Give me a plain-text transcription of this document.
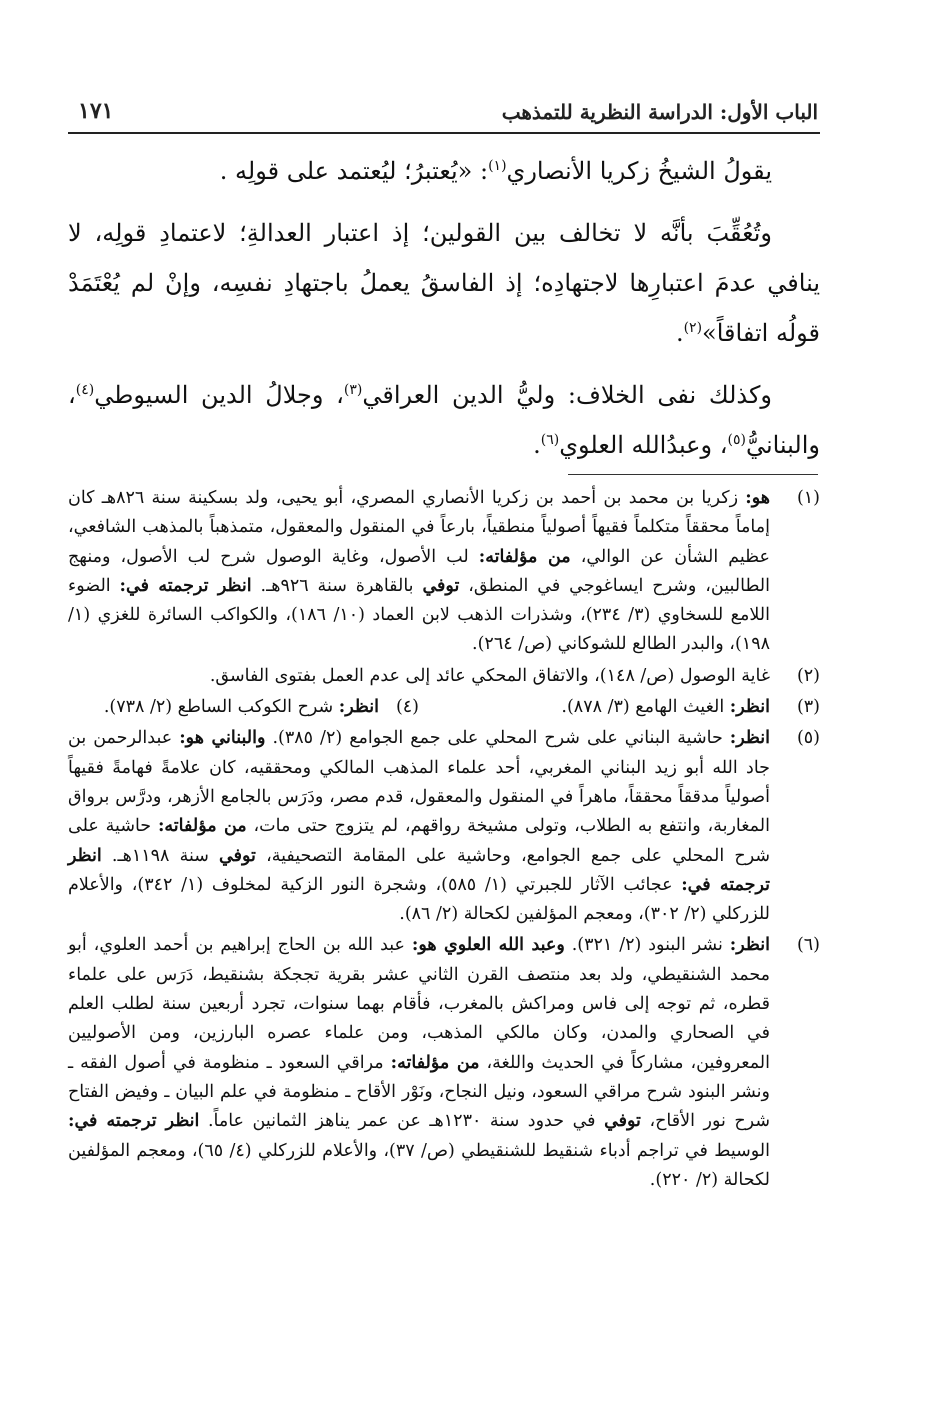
الباب الأول: الدراسة النظرية للتمذهب
١٧١

يقولُ الشيخُ زكريا الأنصاري$^{(١)}$: «يُعتبرُ؛ ليُعتمد على قولِه .

وتُعُقِّبَ بأنَّه لا تخالف بين القولين؛ إذ اعتبار العدالةِ؛ لاعتمادِ قولِه، لا ينافي عدمَ اعتبارِها لاجتهادِه؛ إذ الفاسقُ يعملُ باجتهادِ نفسِه، وإنْ لم يُعْتَمَدْ قولُه اتفاقاً»$^{(٢)}$.

وكذلك نفى الخلاف: وليُّ الدين العراقي$^{(٣)}$، وجلالُ الدين السيوطي$^{(٤)}$، والبنانيُّ$^{(٥)}$، وعبدُالله العلوي$^{(٦)}$.

(١)
هو: زكريا بن محمد بن أحمد بن زكريا الأنصاري المصري، أبو يحيى، ولد بسكينة سنة ٨٢٦هـ كان إماماً محققاً متكلماً فقيهاً أصولياً منطقياً، بارعاً في المنقول والمعقول، متمذهباً بالمذهب الشافعي، عظيم الشأن عن الوالي، من مؤلفاته: لب الأصول، وغاية الوصول شرح لب الأصول، ومنهج الطالبين، وشرح ايساغوجي في المنطق، توفي بالقاهرة سنة ٩٢٦هـ. انظر ترجمته في: الضوء اللامع للسخاوي (٣/ ٢٣٤)، وشذرات الذهب لابن العماد (١٠/ ١٨٦)، والكواكب السائرة للغزي (١/ ١٩٨)، والبدر الطالع للشوكاني (ص/ ٢٦٤).
(٢)
غاية الوصول (ص/ ١٤٨)، والاتفاق المحكي عائد إلى عدم العمل بفتوى الفاسق.
(٣)
انظر: الغيث الهامع (٣/ ٨٧٨).
(٤)انظر: شرح الكوكب الساطع (٢/ ٧٣٨).
(٥)
انظر: حاشية البناني على شرح المحلي على جمع الجوامع (٢/ ٣٨٥). والبناني هو: عبدالرحمن بن جاد الله أبو زيد البناني المغربي، أحد علماء المذهب المالكي ومحققيه، كان علامةً فهامةً فقيهاً أصولياً مدققاً محققاً، ماهراً في المنقول والمعقول، قدم مصر، ودَرَس بالجامع الأزهر، ودرَّس برواق المغاربة، وانتفع به الطلاب، وتولى مشيخة رواقهم، لم يتزوج حتى مات، من مؤلفاته: حاشية على شرح المحلي على جمع الجوامع، وحاشية على المقامة التصحيفية، توفي سنة ١١٩٨هـ. انظر ترجمته في: عجائب الآثار للجبرتي (١/ ٥٨٥)، وشجرة النور الزكية لمخلوف (١/ ٣٤٢)، والأعلام للزركلي (٢/ ٣٠٢)، ومعجم المؤلفين لكحالة (٢/ ٨٦).
(٦)
انظر: نشر البنود (٢/ ٣٢١). وعبد الله العلوي هو: عبد الله بن الحاج إبراهيم بن أحمد العلوي، أبو محمد الشنقيطي، ولد بعد منتصف القرن الثاني عشر بقرية تججكة بشنقيط، دَرَس على علماء قطره، ثم توجه إلى فاس ومراكش بالمغرب، فأقام بهما سنوات، تجرد أربعين سنة لطلب العلم في الصحاري والمدن، وكان مالكي المذهب، ومن علماء عصره البارزين، ومن الأصوليين المعروفين، مشاركاً في الحديث واللغة، من مؤلفاته: مراقي السعود ـ منظومة في أصول الفقه ـ ونشر البنود شرح مراقي السعود، ونيل النجاح، ونَوْر الأقاح ـ منظومة في علم البيان ـ وفيض الفتاح شرح نور الأقاح، توفي في حدود سنة ١٢٣٠هـ عن عمر يناهز الثمانين عاماً. انظر ترجمته في: الوسيط في تراجم أدباء شنقيط للشنقيطي (ص/ ٣٧)، والأعلام للزركلي (٤/ ٦٥)، ومعجم المؤلفين لكحالة (٢/ ٢٢٠).
